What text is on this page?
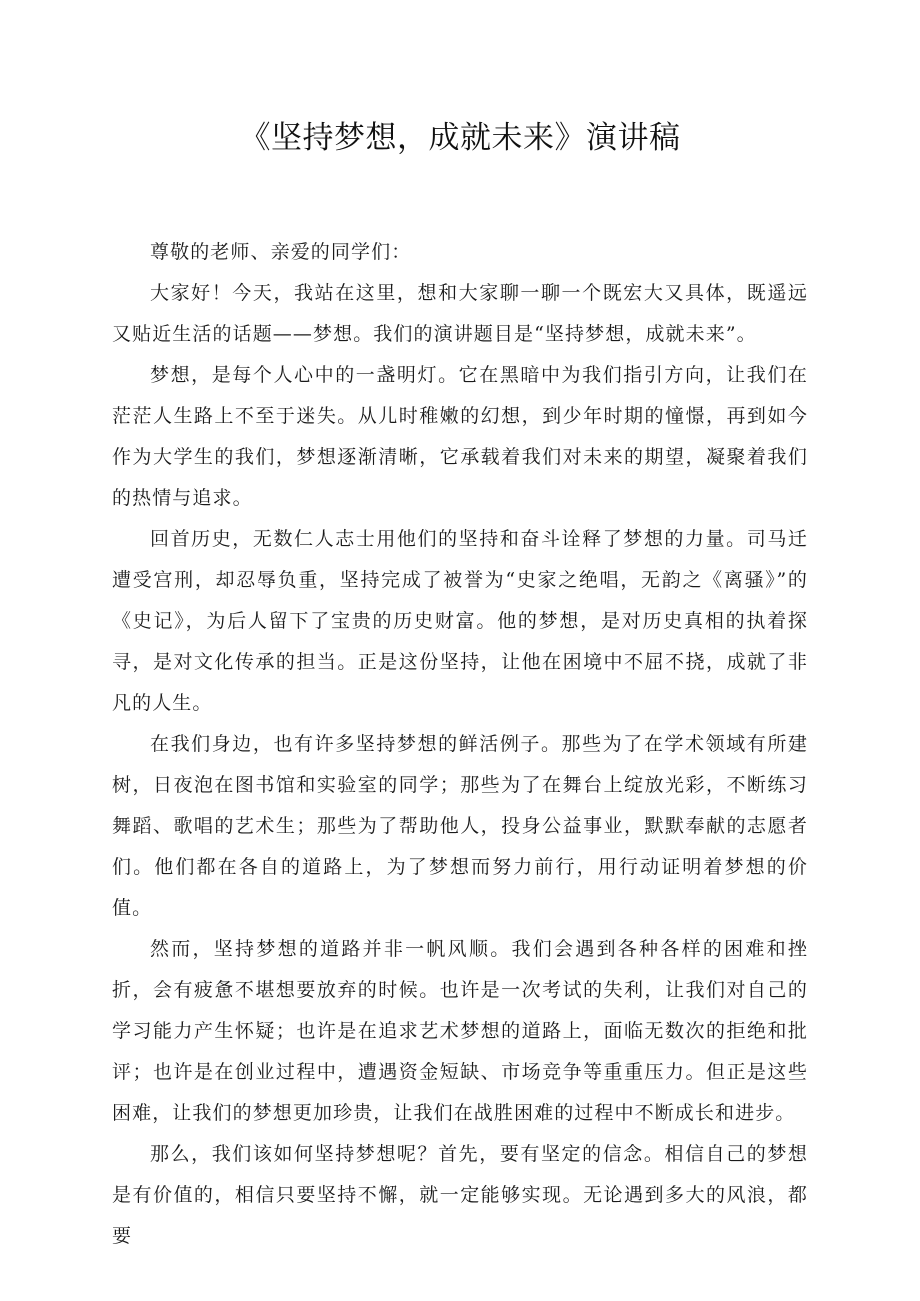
《坚持梦想，成就未来》演讲稿

尊敬的老师、亲爱的同学们：

大家好！今天，我站在这里，想和大家聊一聊一个既宏大又具体，既遥远又贴近生活的话题——梦想。我们的演讲题目是“坚持梦想，成就未来”。

梦想，是每个人心中的一盏明灯。它在黑暗中为我们指引方向，让我们在茫茫人生路上不至于迷失。从儿时稚嫩的幻想，到少年时期的憧憬，再到如今作为大学生的我们，梦想逐渐清晰，它承载着我们对未来的期望，凝聚着我们的热情与追求。

回首历史，无数仁人志士用他们的坚持和奋斗诠释了梦想的力量。司马迁遭受宫刑，却忍辱负重，坚持完成了被誉为“史家之绝唱，无韵之《离骚》”的《史记》，为后人留下了宝贵的历史财富。他的梦想，是对历史真相的执着探寻，是对文化传承的担当。正是这份坚持，让他在困境中不屈不挠，成就了非凡的人生。

在我们身边，也有许多坚持梦想的鲜活例子。那些为了在学术领域有所建树，日夜泡在图书馆和实验室的同学；那些为了在舞台上绽放光彩，不断练习舞蹈、歌唱的艺术生；那些为了帮助他人，投身公益事业，默默奉献的志愿者们。他们都在各自的道路上，为了梦想而努力前行，用行动证明着梦想的价值。

然而，坚持梦想的道路并非一帆风顺。我们会遇到各种各样的困难和挫折，会有疲惫不堪想要放弃的时候。也许是一次考试的失利，让我们对自己的学习能力产生怀疑；也许是在追求艺术梦想的道路上，面临无数次的拒绝和批评；也许是在创业过程中，遭遇资金短缺、市场竞争等重重压力。但正是这些困难，让我们的梦想更加珍贵，让我们在战胜困难的过程中不断成长和进步。

那么，我们该如何坚持梦想呢？首先，要有坚定的信念。相信自己的梦想是有价值的，相信只要坚持不懈，就一定能够实现。无论遇到多大的风浪，都要
